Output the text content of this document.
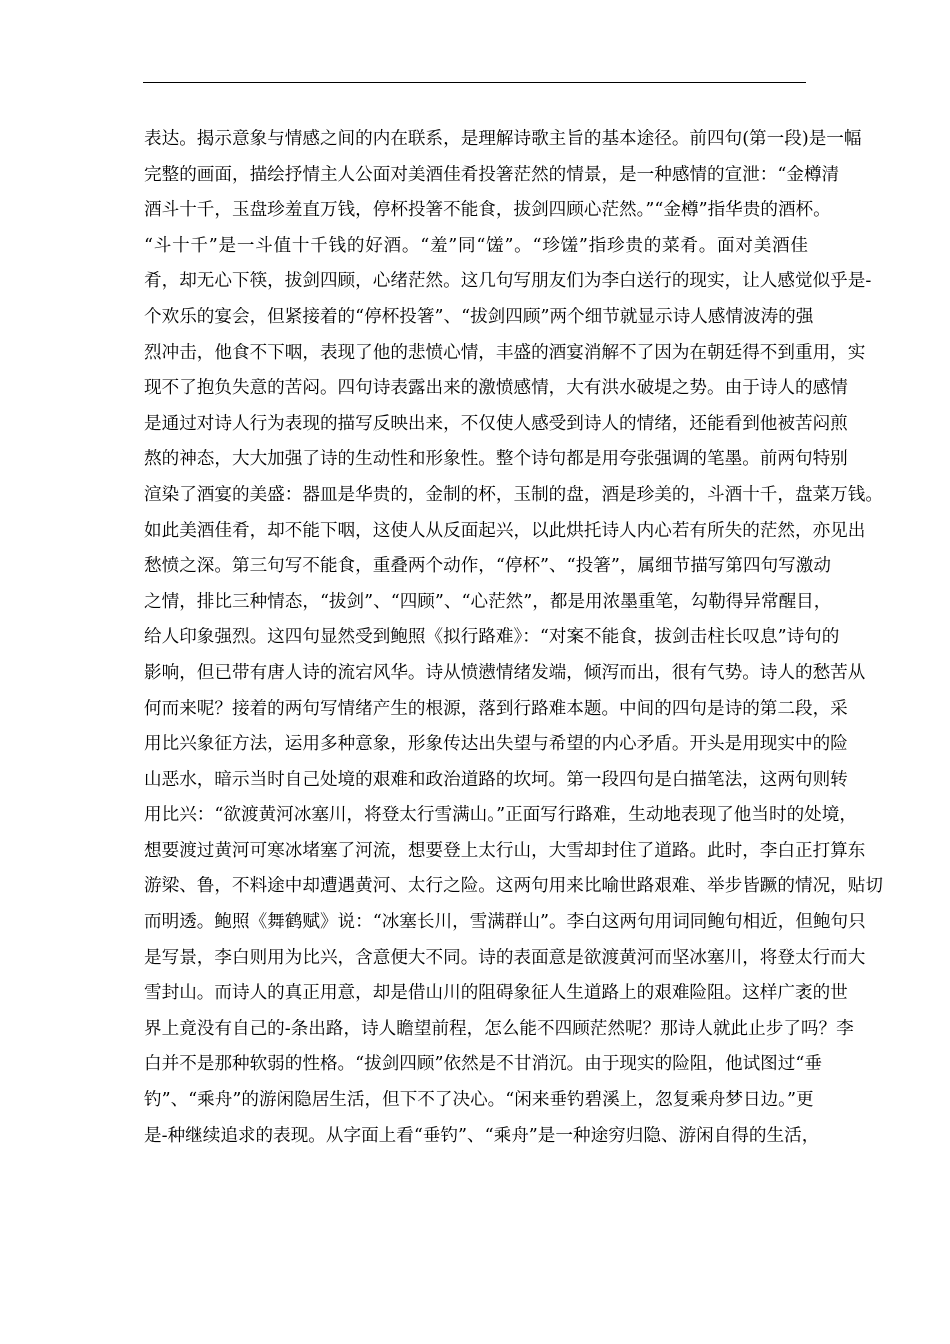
表达。揭示意象与情感之间的内在联系，是理解诗歌主旨的基本途径。前四句(第一段)是一幅
完整的画面，描绘抒情主人公面对美酒佳肴投箸茫然的情景，是一种感情的宣泄：“金樽清
酒斗十千，玉盘珍羞直万钱，停杯投箸不能食，拔剑四顾心茫然。”“金樽”指华贵的酒杯。
“斗十千”是一斗值十千钱的好酒。“羞”同“馐”。“珍馐”指珍贵的菜肴。面对美酒佳
肴，却无心下筷，拔剑四顾，心绪茫然。这几句写朋友们为李白送行的现实，让人感觉似乎是-
个欢乐的宴会，但紧接着的“停杯投箸”、“拔剑四顾”两个细节就显示诗人感情波涛的强
烈冲击，他食不下咽，表现了他的悲愤心情，丰盛的酒宴消解不了因为在朝廷得不到重用，实
现不了抱负失意的苦闷。四句诗表露出来的激愤感情，大有洪水破堤之势。由于诗人的感情
是通过对诗人行为表现的描写反映出来，不仅使人感受到诗人的情绪，还能看到他被苦闷煎
熬的神态，大大加强了诗的生动性和形象性。整个诗句都是用夸张强调的笔墨。前两句特别
渲染了酒宴的美盛：器皿是华贵的，金制的杯，玉制的盘，酒是珍美的，斗酒十千，盘菜万钱。
如此美酒佳肴，却不能下咽，这使人从反面起兴，以此烘托诗人内心若有所失的茫然，亦见出
愁愤之深。第三句写不能食，重叠两个动作，“停杯”、“投箸”，属细节描写第四句写激动
之情，排比三种情态，“拔剑”、“四顾”、“心茫然”，都是用浓墨重笔，勾勒得异常醒目，
给人印象强烈。这四句显然受到鲍照《拟行路难》：“对案不能食，拔剑击柱长叹息”诗句的
影响，但已带有唐人诗的流宕风华。诗从愤懑情绪发端，倾泻而出，很有气势。诗人的愁苦从
何而来呢？接着的两句写情绪产生的根源，落到行路难本题。中间的四句是诗的第二段，采
用比兴象征方法，运用多种意象，形象传达出失望与希望的内心矛盾。开头是用现实中的险
山恶水，暗示当时自己处境的艰难和政治道路的坎坷。第一段四句是白描笔法，这两句则转
用比兴：“欲渡黄河冰塞川，将登太行雪满山。”正面写行路难，生动地表现了他当时的处境，
想要渡过黄河可寒冰堵塞了河流，想要登上太行山，大雪却封住了道路。此时，李白正打算东
游梁、鲁，不料途中却遭遇黄河、太行之险。这两句用来比喻世路艰难、举步皆蹶的情况，贴切
而明透。鲍照《舞鹤赋》说：“冰塞长川，雪满群山”。李白这两句用词同鲍句相近，但鲍句只
是写景，李白则用为比兴，含意便大不同。诗的表面意是欲渡黄河而坚冰塞川，将登太行而大
雪封山。而诗人的真正用意，却是借山川的阻碍象征人生道路上的艰难险阻。这样广袤的世
界上竟没有自己的-条出路，诗人瞻望前程，怎么能不四顾茫然呢？那诗人就此止步了吗？李
白并不是那种软弱的性格。“拔剑四顾”依然是不甘消沉。由于现实的险阻，他试图过“垂
钓”、“乘舟”的游闲隐居生活，但下不了决心。“闲来垂钓碧溪上，忽复乘舟梦日边。”更
是-种继续追求的表现。从字面上看“垂钓”、“乘舟”是一种途穷归隐、游闲自得的生活，
